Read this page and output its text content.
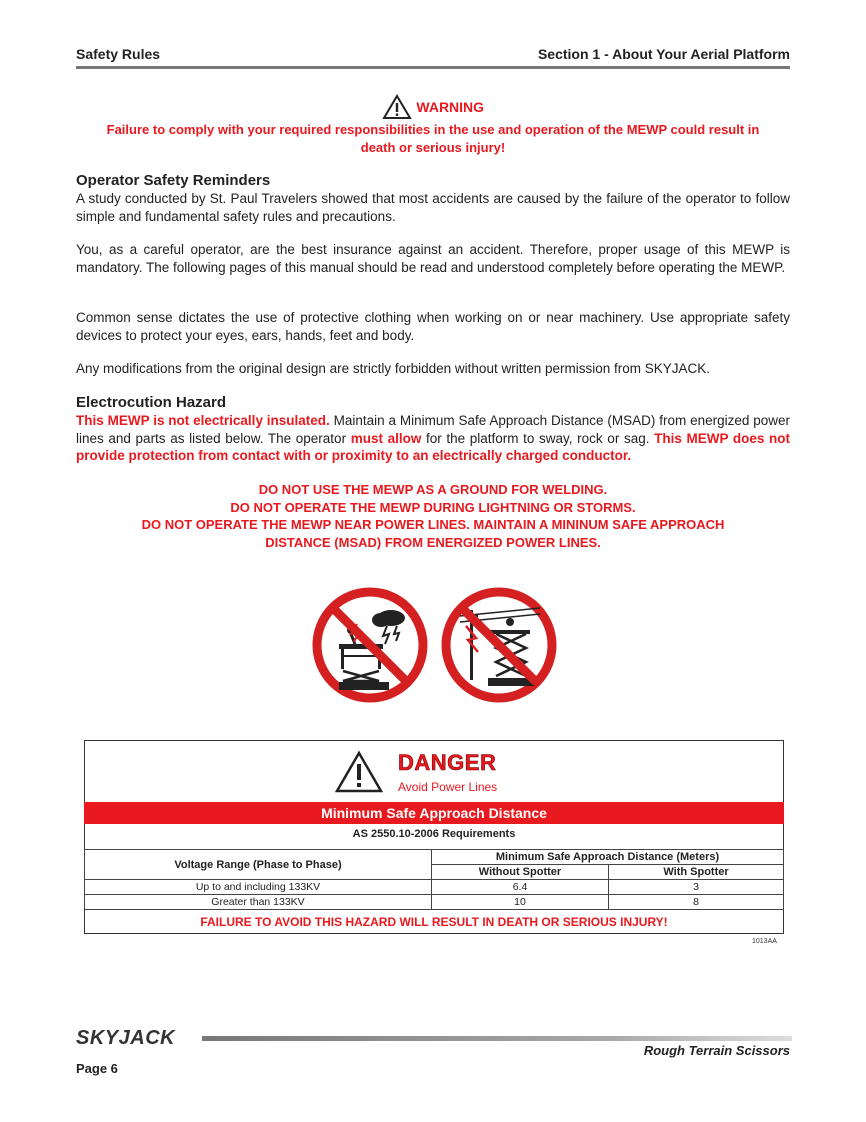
Safety Rules	Section 1 - About Your Aerial Platform
WARNING
Failure to comply with your required responsibilities in the use and operation of the MEWP could result in death or serious injury!
Operator Safety Reminders
A study conducted by St. Paul Travelers showed that most accidents are caused by the failure of the operator to follow simple and fundamental safety rules and precautions.
You, as a careful operator, are the best insurance against an accident. Therefore, proper usage of this MEWP is mandatory. The following pages of this manual should be read and understood completely before operating the MEWP.
Common sense dictates the use of protective clothing when working on or near machinery. Use appropriate safety devices to protect your eyes, ears, hands, feet and body.
Any modifications from the original design are strictly forbidden without written permission from SKYJACK.
Electrocution Hazard
This MEWP is not electrically insulated. Maintain a Minimum Safe Approach Distance (MSAD) from energized power lines and parts as listed below. The operator must allow for the platform to sway, rock or sag. This MEWP does not provide protection from contact with or proximity to an electrically charged conductor.
DO NOT USE THE MEWP AS A GROUND FOR WELDING.
DO NOT OPERATE THE MEWP DURING LIGHTNING OR STORMS.
DO NOT OPERATE THE MEWP NEAR POWER LINES. MAINTAIN A MININUM SAFE APPROACH
DISTANCE (MSAD) FROM ENERGIZED POWER LINES.
DANGER
Avoid Power Lines
Minimum Safe Approach Distance
AS 2550.10-2006 Requirements
Voltage Range (Phase to Phase)	Minimum Safe Approach Distance (Meters)	
	Without Spotter	With Spotter
Up to and including 133KV	6.4	3
Greater than 133KV	10	8
FAILURE TO AVOID THIS HAZARD WILL RESULT IN DEATH OR SERIOUS INJURY!
1013AA
SKYJACK
Rough Terrain Scissors
Page 6
